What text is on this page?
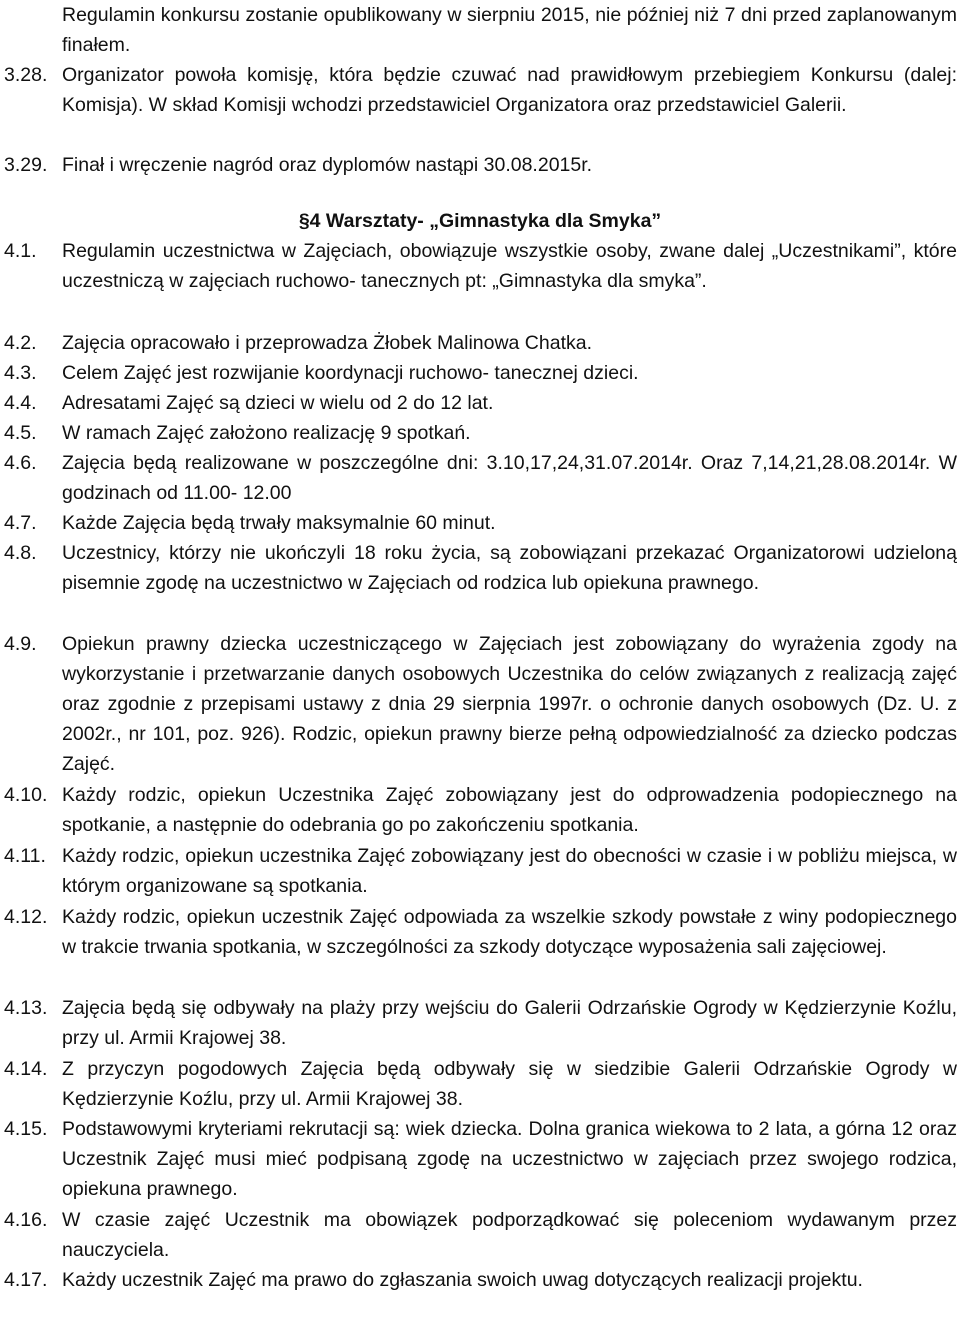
Regulamin konkursu zostanie opublikowany w sierpniu 2015, nie później niż 7 dni przed zaplanowanym finałem.
3.28. Organizator powoła komisję, która będzie czuwać nad prawidłowym przebiegiem Konkursu (dalej: Komisja). W skład Komisji wchodzi przedstawiciel Organizatora oraz przedstawiciel Galerii.
3.29. Finał i wręczenie nagród oraz dyplomów nastąpi 30.08.2015r.
§4 Warsztaty- „Gimnastyka dla Smyka”
4.1. Regulamin uczestnictwa w Zajęciach, obowiązuje wszystkie osoby, zwane dalej „Uczestnikami”, które uczestniczą w zajęciach ruchowo- tanecznych pt: „Gimnastyka dla smyka”.
4.2. Zajęcia opracowało i przeprowadza Żłobek Malinowa Chatka.
4.3. Celem Zajęć jest rozwijanie koordynacji ruchowo- tanecznej dzieci.
4.4. Adresatami Zajęć są dzieci w wielu od 2 do 12 lat.
4.5. W ramach Zajęć założono realizację 9 spotkań.
4.6. Zajęcia będą realizowane w poszczególne dni: 3.10,17,24,31.07.2014r. Oraz 7,14,21,28.08.2014r. W godzinach od 11.00- 12.00
4.7. Każde Zajęcia będą trwały maksymalnie 60 minut.
4.8. Uczestnicy, którzy nie ukończyli 18 roku życia, są zobowiązani przekazać Organizatorowi udzieloną pisemnie zgodę na uczestnictwo w Zajęciach od rodzica lub opiekuna prawnego.
4.9. Opiekun prawny dziecka uczestniczącego w Zajęciach jest zobowiązany do wyrażenia zgody na wykorzystanie i przetwarzanie danych osobowych Uczestnika do celów związanych z realizacją zajęć oraz zgodnie z przepisami ustawy z dnia 29 sierpnia 1997r. o ochronie danych osobowych (Dz. U. z 2002r., nr 101, poz. 926). Rodzic, opiekun prawny bierze pełną odpowiedzialność za dziecko podczas Zajęć.
4.10. Każdy rodzic, opiekun Uczestnika Zajęć zobowiązany jest do odprowadzenia podopiecznego na spotkanie, a następnie do odebrania go po zakończeniu spotkania.
4.11. Każdy rodzic, opiekun uczestnika Zajęć zobowiązany jest do obecności w czasie i w pobliżu miejsca, w którym organizowane są spotkania.
4.12. Każdy rodzic, opiekun uczestnik Zajęć odpowiada za wszelkie szkody powstałe z winy podopiecznego w trakcie trwania spotkania, w szczególności za szkody dotyczące wyposażenia sali zajęciowej.
4.13. Zajęcia będą się odbywały na plaży przy wejściu do Galerii Odrzańskie Ogrody w Kędzierzynie Koźlu, przy ul. Armii Krajowej 38.
4.14. Z przyczyn pogodowych Zajęcia będą odbywały się w siedzibie Galerii Odrzańskie Ogrody w Kędzierzynie Koźlu, przy ul. Armii Krajowej 38.
4.15. Podstawowymi kryteriami rekrutacji są: wiek dziecka. Dolna granica wiekowa to 2 lata, a górna 12 oraz Uczestnik Zajęć musi mieć podpisaną zgodę na uczestnictwo w zajęciach przez swojego rodzica, opiekuna prawnego.
4.16. W czasie zajęć Uczestnik ma obowiązek podporządkować się poleceniom wydawanym przez nauczyciela.
4.17. Każdy uczestnik Zajęć ma prawo do zgłaszania swoich uwag dotyczących realizacji projektu.
